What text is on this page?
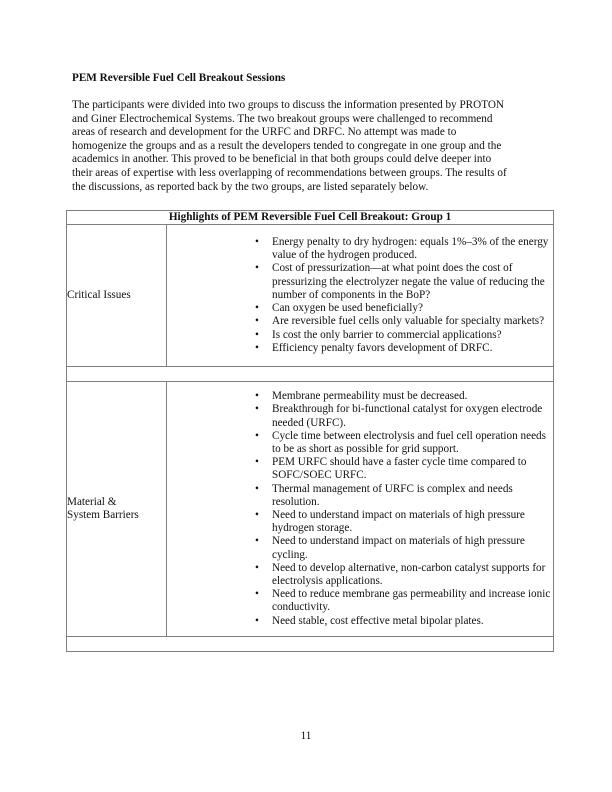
PEM Reversible Fuel Cell Breakout Sessions

The participants were divided into two groups to discuss the information presented by PROTON
and Giner Electrochemical Systems. The two breakout groups were challenged to recommend
areas of research and development for the URFC and DRFC. No attempt was made to
homogenize the groups and as a result the developers tended to congregate in one group and the
academics in another. This proved to be beneficial in that both groups could delve deeper into
their areas of expertise with less overlapping of recommendations between groups. The results of
the discussions, as reported back by the two groups, are listed separately below.

Highlights of PEM Reversible Fuel Cell Breakout: Group 1	

Critical Issues

• Energy penalty to dry hydrogen: equals 1%–3% of the energy value of the hydrogen produced.
• Cost of pressurization—at what point does the cost of pressurizing the electrolyzer negate the value of reducing the number of components in the BoP?
• Can oxygen be used beneficially?
• Are reversible fuel cells only valuable for specialty markets?
• Is cost the only barrier to commercial applications?
• Efficiency penalty favors development of DRFC.

Material &
System Barriers

• Membrane permeability must be decreased.
• Breakthrough for bi-functional catalyst for oxygen electrode needed (URFC).
• Cycle time between electrolysis and fuel cell operation needs to be as short as possible for grid support.
• PEM URFC should have a faster cycle time compared to SOFC/SOEC URFC.
• Thermal management of URFC is complex and needs resolution.
• Need to understand impact on materials of high pressure hydrogen storage.
• Need to understand impact on materials of high pressure cycling.
• Need to develop alternative, non-carbon catalyst supports for electrolysis applications.
• Need to reduce membrane gas permeability and increase ionic conductivity.
• Need stable, cost effective metal bipolar plates.

11
